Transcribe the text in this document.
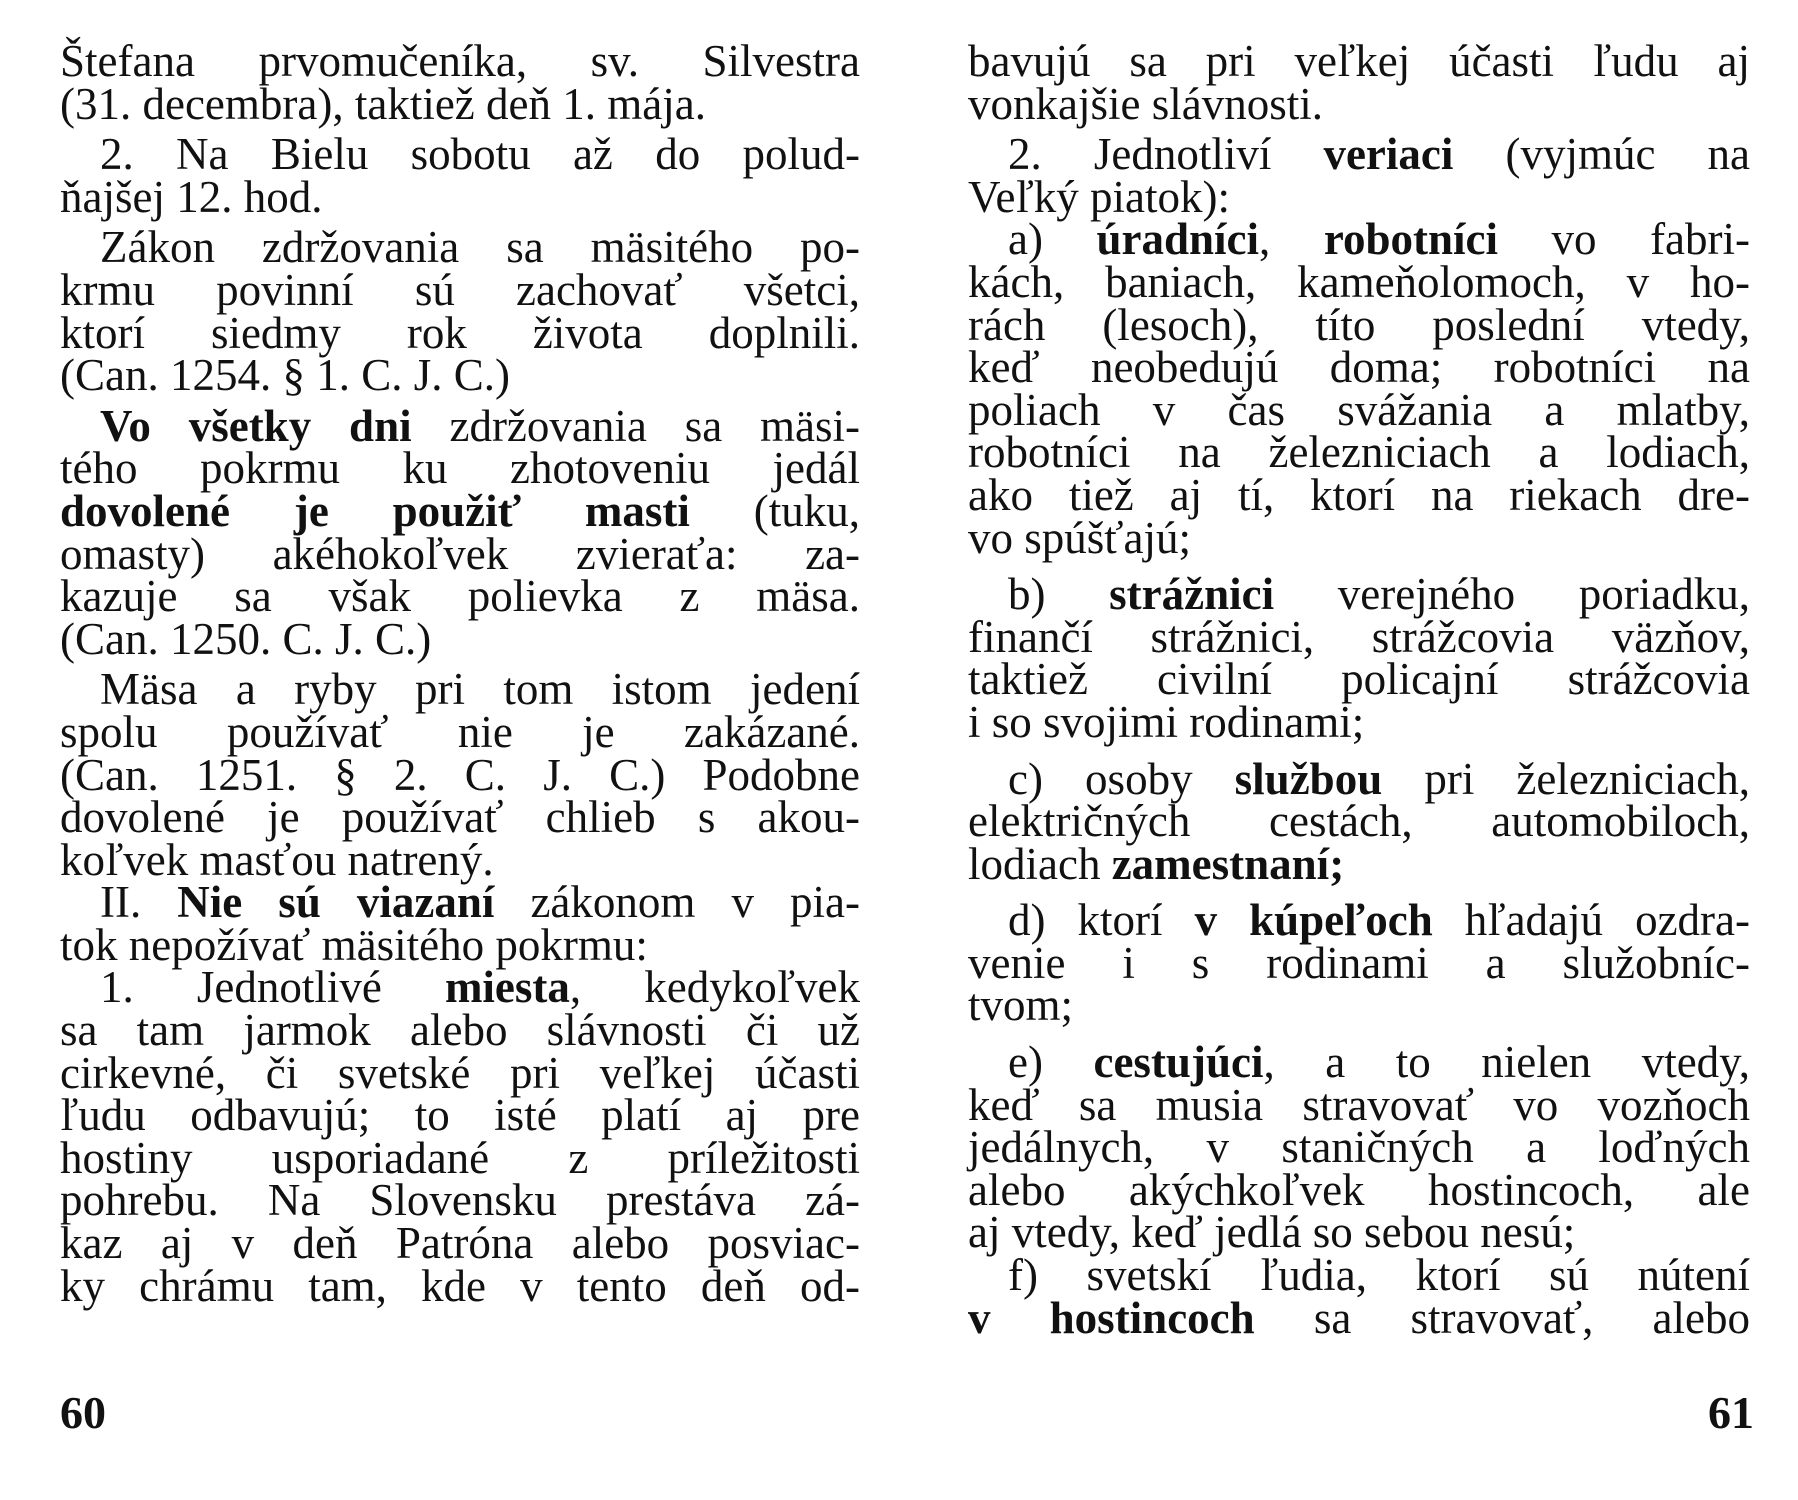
Štefana prvomučeníka, sv. Silvestra
(31. decembra), taktiež deň 1. mája.
2. Na Bielu sobotu až do polud-
ňajšej 12. hod.
Zákon zdržovania sa mäsitého po-
krmu povinní sú zachovať všetci,
ktorí siedmy rok života doplnili.
(Can. 1254. § 1. C. J. C.)
Vo všetky dni zdržovania sa mäsi-
tého pokrmu ku zhotoveniu jedál
dovolené je použiť masti (tuku,
omasty) akéhokoľvek zvieraťa: za-
kazuje sa však polievka z mäsa.
(Can. 1250. C. J. C.)
Mäsa a ryby pri tom istom jedení
spolu používať nie je zakázané.
(Can. 1251. § 2. C. J. C.) Podobne
dovolené je používať chlieb s akou-
koľvek masťou natrený.
II. Nie sú viazaní zákonom v pia-
tok nepožívať mäsitého pokrmu:
1. Jednotlivé miesta, kedykoľvek
sa tam jarmok alebo slávnosti či už
cirkevné, či svetské pri veľkej účasti
ľudu odbavujú; to isté platí aj pre
hostiny usporiadané z príležitosti
pohrebu. Na Slovensku prestáva zá-
kaz aj v deň Patróna alebo posviac-
ky chrámu tam, kde v tento deň od-
bavujú sa pri veľkej účasti ľudu aj
vonkajšie slávnosti.
2. Jednotliví veriaci (vyjmúc na
Veľký piatok):
a) úradníci, robotníci vo fabri-
kách, baniach, kameňolomoch, v ho-
rách (lesoch), títo poslední vtedy,
keď neobedujú doma; robotníci na
poliach v čas svážania a mlatby,
robotníci na železniciach a lodiach,
ako tiež aj tí, ktorí na riekach dre-
vo spúšťajú;
b) strážnici verejného poriadku,
finančí strážnici, strážcovia väzňov,
taktiež civilní policajní strážcovia
i so svojimi rodinami;
c) osoby službou pri železniciach,
električných cestách, automobiloch,
lodiach zamestnaní;
d) ktorí v kúpeľoch hľadajú ozdra-
venie i s rodinami a služobníc-
tvom;
e) cestujúci, a to nielen vtedy,
keď sa musia stravovať vo vozňoch
jedálnych, v staničných a loďných
alebo akýchkoľvek hostincoch, ale
aj vtedy, keď jedlá so sebou nesú;
f) svetskí ľudia, ktorí sú nútení
v hostincoch sa stravovať, alebo
60	61
